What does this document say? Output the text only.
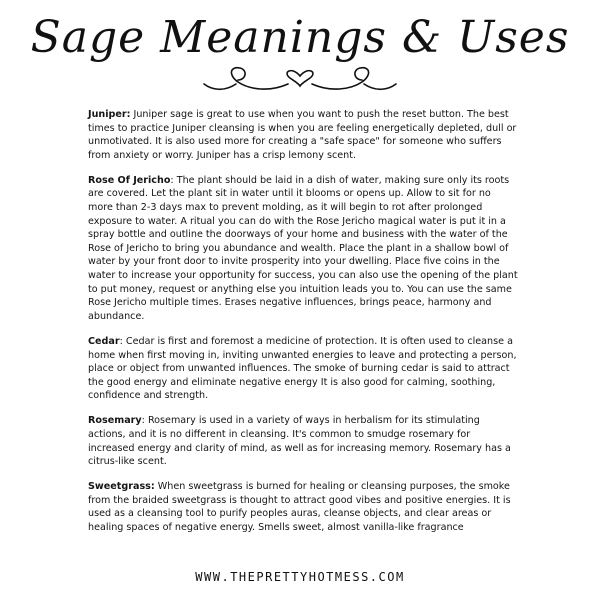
Sage Meanings & Uses

Juniper: Juniper sage is great to use when you want to push the reset button. The best times to practice Juniper cleansing is when you are feeling energetically depleted, dull or unmotivated. It is also used more for creating a "safe space" for someone who suffers from anxiety or worry. Juniper has a crisp lemony scent.

Rose Of Jericho: The plant should be laid in a dish of water, making sure only its roots are covered. Let the plant sit in water until it blooms or opens up. Allow to sit for no more than 2-3 days max to prevent molding, as it will begin to rot after prolonged exposure to water. A ritual you can do with the Rose Jericho magical water is put it in a spray bottle and outline the doorways of your home and business with the water of the Rose of Jericho to bring you abundance and wealth. Place the plant in a shallow bowl of water by your front door to invite prosperity into your dwelling. Place five coins in the water to increase your opportunity for success, you can also use the opening of the plant to put money, request or anything else you intuition leads you to. You can use the same Rose Jericho multiple times. Erases negative influences, brings peace, harmony and abundance.

Cedar: Cedar is first and foremost a medicine of protection. It is often used to cleanse a home when first moving in, inviting unwanted energies to leave and protecting a person, place or object from unwanted influences. The smoke of burning cedar is said to attract the good energy and eliminate negative energy It is also good for calming, soothing, confidence and strength.

Rosemary: Rosemary is used in a variety of ways in herbalism for its stimulating actions, and it is no different in cleansing. It's common to smudge rosemary for increased energy and clarity of mind, as well as for increasing memory. Rosemary has a citrus-like scent.

Sweetgrass: When sweetgrass is burned for healing or cleansing purposes, the smoke from the braided sweetgrass is thought to attract good vibes and positive energies. It is used as a cleansing tool to purify peoples auras, cleanse objects, and clear areas or healing spaces of negative energy. Smells sweet, almost vanilla-like fragrance

WWW.THEPRETTYHOTMESS.COM
